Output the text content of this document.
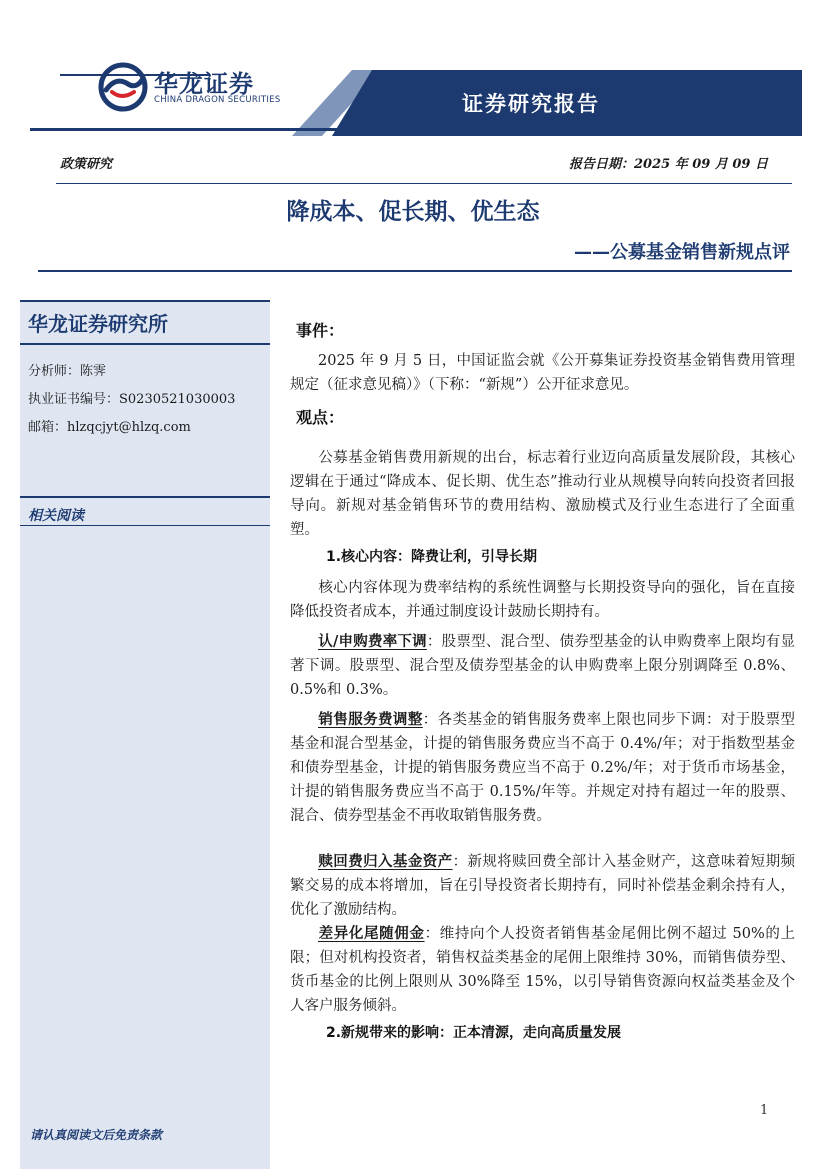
证券研究报告
华龙证券
CHINA DRAGON SECURITIES
政策研究	报告日期：2025 年 09 月 09 日
降成本、促长期、优生态
——公募基金销售新规点评
华龙证券研究所
分析师：陈霁
执业证书编号：S0230521030003
邮箱：hlzqcjyt@hlzq.com
相关阅读
请认真阅读文后免责条款
事件：
2025 年 9 月 5 日，中国证监会就《公开募集证券投资基金销售费用管理规定（征求意见稿）》（下称：“新规”）公开征求意见。
观点：
公募基金销售费用新规的出台，标志着行业迈向高质量发展阶段，其核心逻辑在于通过“降成本、促长期、优生态”推动行业从规模导向转向投资者回报导向。新规对基金销售环节的费用结构、激励模式及行业生态进行了全面重塑。
1.核心内容：降费让利，引导长期
核心内容体现为费率结构的系统性调整与长期投资导向的强化，旨在直接降低投资者成本，并通过制度设计鼓励长期持有。
认/申购费率下调：股票型、混合型、债券型基金的认申购费率上限均有显著下调。股票型、混合型及债券型基金的认申购费率上限分别调降至 0.8%、0.5%和 0.3%。
销售服务费调整：各类基金的销售服务费率上限也同步下调：对于股票型基金和混合型基金，计提的销售服务费应当不高于 0.4%/年；对于指数型基金和债券型基金，计提的销售服务费应当不高于 0.2%/年；对于货币市场基金，计提的销售服务费应当不高于 0.15%/年等。并规定对持有超过一年的股票、混合、债券型基金不再收取销售服务费。
赎回费归入基金资产：新规将赎回费全部计入基金财产，这意味着短期频繁交易的成本将增加，旨在引导投资者长期持有，同时补偿基金剩余持有人，优化了激励结构。
差异化尾随佣金：维持向个人投资者销售基金尾佣比例不超过 50%的上限；但对机构投资者，销售权益类基金的尾佣上限维持 30%，而销售债券型、货币基金的比例上限则从 30%降至 15%，以引导销售资源向权益类基金及个人客户服务倾斜。
2.新规带来的影响：正本清源，走向高质量发展
1
